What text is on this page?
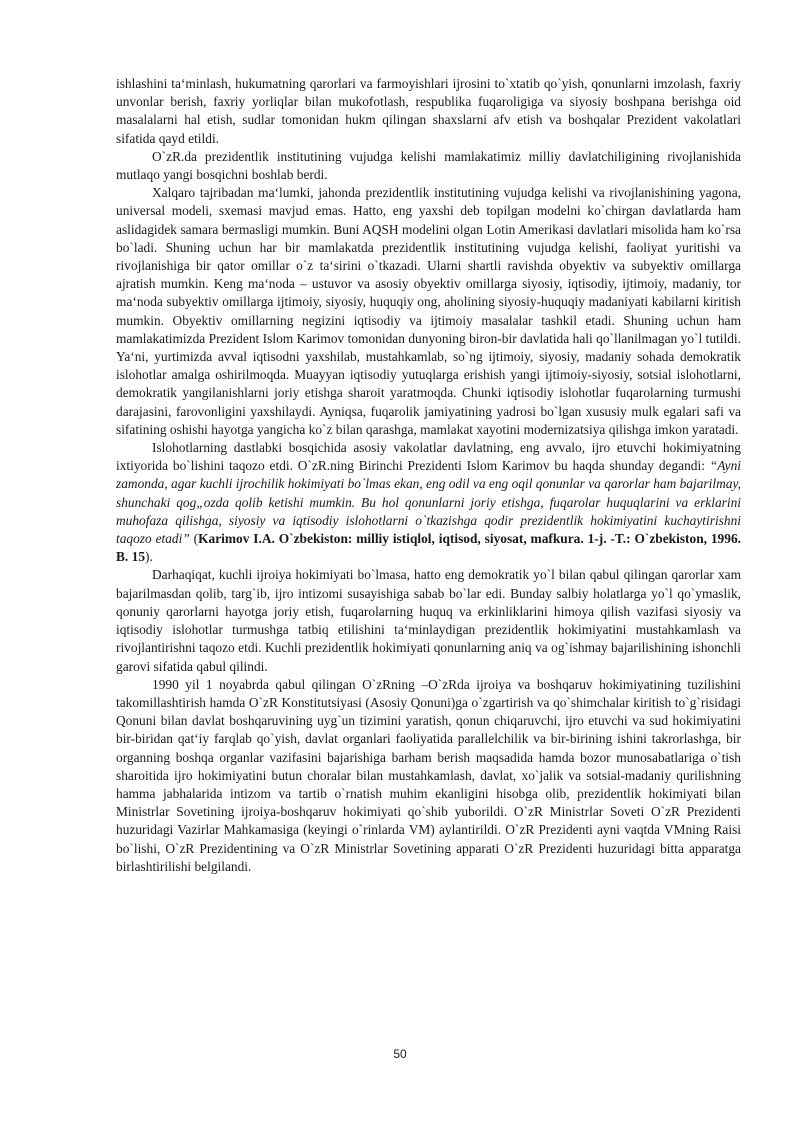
ishlashini ta‘minlash, hukumatning qarorlari va farmoyishlari ijrosini to`xtatib qo`yish, qonunlarni imzolash, faxriy unvonlar berish, faxriy yorliqlar bilan mukofotlash, respublika fuqaroligiga va siyosiy boshpana berishga oid masalalarni hal etish, sudlar tomonidan hukm qilingan shaxslarni afv etish va boshqalar Prezident vakolatlari sifatida qayd etildi.

O`zR.da prezidentlik institutining vujudga kelishi mamlakatimiz milliy davlatchiligining rivojlanishida mutlaqo yangi bosqichni boshlab berdi.

Xalqaro tajribadan ma‘lumki, jahonda prezidentlik institutining vujudga kelishi va rivojlanishining yagona, universal modeli, sxemasi mavjud emas. Hatto, eng yaxshi deb topilgan modelni ko`chirgan davlatlarda ham aslidagidek samara bermasligi mumkin. Buni AQSH modelini olgan Lotin Amerikasi davlatlari misolida ham ko`rsa bo`ladi. Shuning uchun har bir mamlakatda prezidentlik institutining vujudga kelishi, faoliyat yuritishi va rivojlanishiga bir qator omillar o`z ta‘sirini o`tkazadi. Ularni shartli ravishda obyektiv va subyektiv omillarga ajratish mumkin. Keng ma‘noda – ustuvor va asosiy obyektiv omillarga siyosiy, iqtisodiy, ijtimoiy, madaniy, tor ma‘noda subyektiv omillarga ijtimoiy, siyosiy, huquqiy ong, aholining siyosiy-huquqiy madaniyati kabilarni kiritish mumkin. Obyektiv omillarning negizini iqtisodiy va ijtimoiy masalalar tashkil etadi. Shuning uchun ham mamlakatimizda Prezident Islom Karimov tomonidan dunyoning biron-bir davlatida hali qo`llanilmagan yo`l tutildi. Ya‘ni, yurtimizda avval iqtisodni yaxshilab, mustahkamlab, so`ng ijtimoiy, siyosiy, madaniy sohada demokratik islohotlar amalga oshirilmoqda. Muayyan iqtisodiy yutuqlarga erishish yangi ijtimoiy-siyosiy, sotsial islohotlarni, demokratik yangilanishlarni joriy etishga sharoit yaratmoqda. Chunki iqtisodiy islohotlar fuqarolarning turmushi darajasini, farovonligini yaxshilaydi. Ayniqsa, fuqarolik jamiyatining yadrosi bo`lgan xususiy mulk egalari safi va sifatining oshishi hayotga yangicha ko`z bilan qarashga, mamlakat xayotini modernizatsiya qilishga imkon yaratadi.

Islohotlarning dastlabki bosqichida asosiy vakolatlar davlatning, eng avvalo, ijro etuvchi hokimiyatning ixtiyorida bo`lishini taqozo etdi. O`zR.ning Birinchi Prezidenti Islom Karimov bu haqda shunday degandi: “Ayni zamonda, agar kuchli ijrochilik hokimiyati bo`lmas ekan, eng odil va eng oqil qonunlar va qarorlar ham bajarilmay, shunchaki qog„ozda qolib ketishi mumkin. Bu hol qonunlarni joriy etishga, fuqarolar huquqlarini va erklarini muhofaza qilishga, siyosiy va iqtisodiy islohotlarni o`tkazishga qodir prezidentlik hokimiyatini kuchaytirishni taqozo etadi” (Karimov I.A. O`zbekiston: milliy istiqlol, iqtisod, siyosat, mafkura. 1-j. -T.: O`zbekiston, 1996. B. 15).

Darhaqiqat, kuchli ijroiya hokimiyati bo`lmasa, hatto eng demokratik yo`l bilan qabul qilingan qarorlar xam bajarilmasdan qolib, targ`ib, ijro intizomi susayishiga sabab bo`lar edi. Bunday salbiy holatlarga yo`l qo`ymaslik, qonuniy qarorlarni hayotga joriy etish, fuqarolarning huquq va erkinliklarini himoya qilish vazifasi siyosiy va iqtisodiy islohotlar turmushga tatbiq etilishini ta‘minlaydigan prezidentlik hokimiyatini mustahkamlash va rivojlantirishni taqozo etdi. Kuchli prezidentlik hokimiyati qonunlarning aniq va og`ishmay bajarilishining ishonchli garovi sifatida qabul qilindi.

1990 yil 1 noyabrda qabul qilingan O`zRning –O`zRda ijroiya va boshqaruv hokimiyatining tuzilishini takomillashtirish hamda O`zR Konstitutsiyasi (Asosiy Qonuni)ga o`zgartirish va qo`shimchalar kiritish to`g`risidagi Qonuni bilan davlat boshqaruvining uyg`un tizimini yaratish, qonun chiqaruvchi, ijro etuvchi va sud hokimiyatini bir-biridan qat‘iy farqlab qo`yish, davlat organlari faoliyatida parallelchilik va bir-birining ishini takrorlashga, bir organning boshqa organlar vazifasini bajarishiga barham berish maqsadida hamda bozor munosabatlariga o`tish sharoitida ijro hokimiyatini butun choralar bilan mustahkamlash, davlat, xo`jalik va sotsial-madaniy qurilishning hamma jabhalarida intizom va tartib o`rnatish muhim ekanligini hisobga olib, prezidentlik hokimiyati bilan Ministrlar Sovetining ijroiya-boshqaruv hokimiyati qo`shib yuborildi. O`zR Ministrlar Soveti O`zR Prezidenti huzuridagi Vazirlar Mahkamasiga (keyingi o`rinlarda VM) aylantirildi. O`zR Prezidenti ayni vaqtda VMning Raisi bo`lishi, O`zR Prezidentining va O`zR Ministrlar Sovetining apparati O`zR Prezidenti huzuridagi bitta apparatga birlashtirilishi belgilandi.

50
